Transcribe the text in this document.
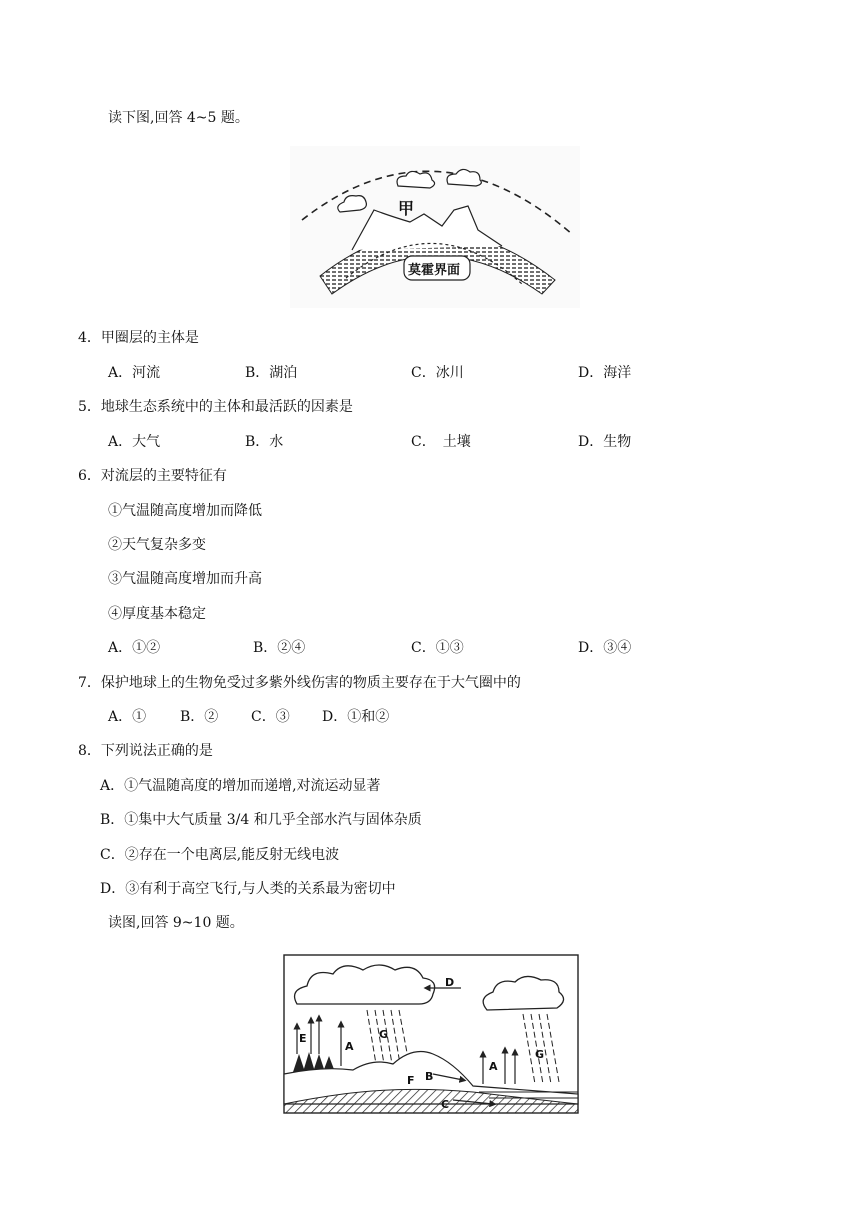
读下图,回答 4~5 题。
甲
莫霍界面
4．甲圈层的主体是
A．河流	B．湖泊	C．冰川	D．海洋
5．地球生态系统中的主体和最活跃的因素是
A．大气	B．水	C．　土壤	D．生物
6．对流层的主要特征有
①气温随高度增加而降低
②天气复杂多变
③气温随高度增加而升高
④厚度基本稳定
A．①②	B．②④	C．①③	D．③④
7．保护地球上的生物免受过多紫外线伤害的物质主要存在于大气圈中的
A．① B．② C．③ D．①和②
8．下列说法正确的是
A．①气温随高度的增加而递增,对流运动显著
B．①集中大气质量 3/4 和几乎全部水汽与固体杂质
C．②存在一个电离层,能反射无线电波
D．③有利于高空飞行,与人类的关系最为密切中
读图,回答 9~10 题。
A
A
B
C
D
E
F
G
G
